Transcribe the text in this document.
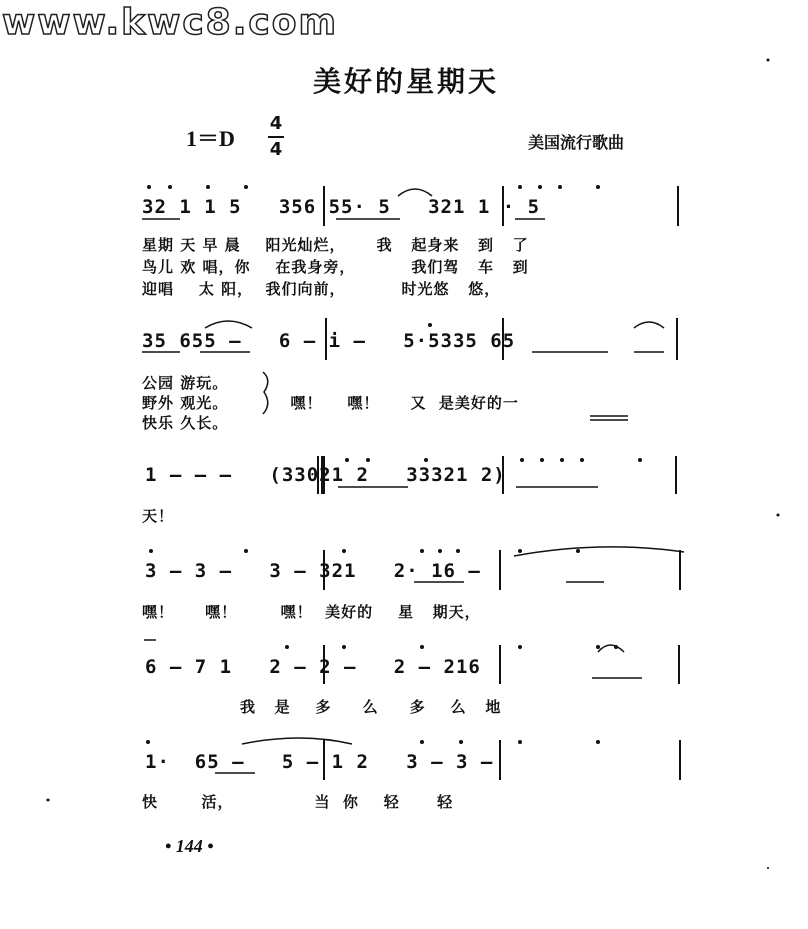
www.kwc8.com
美好的星期天
1＝D
4
4	美国流行歌曲
32 1 1 5   356 55· 5   321 1 · 5
星期 天 早 晨    阳光灿烂，     我   起身来   到   了
鸟儿 欢 唱，你    在我身旁，         我们驾   车   到
迎唱    太 阳，  我们向前，         时光悠   悠，
35 655 —   6 — i —   5·5335 65
公园 游玩。
野外 观光。          嘿！    嘿！     又  是美好的一
快乐 久长。
1 — — —   (33021 2   33321 2)
天！
3 — 3 —   3 — 321   2· 16 —
嘿！     嘿！       嘿！  美好的    星   期天，
6 — 7 1   2 — 2 —   2 — 216
我   是    多     么     多    么   地
1·  65 —   5 — 1 2   3 — 3 —
快       活，             当  你    轻      轻
• 144 •
